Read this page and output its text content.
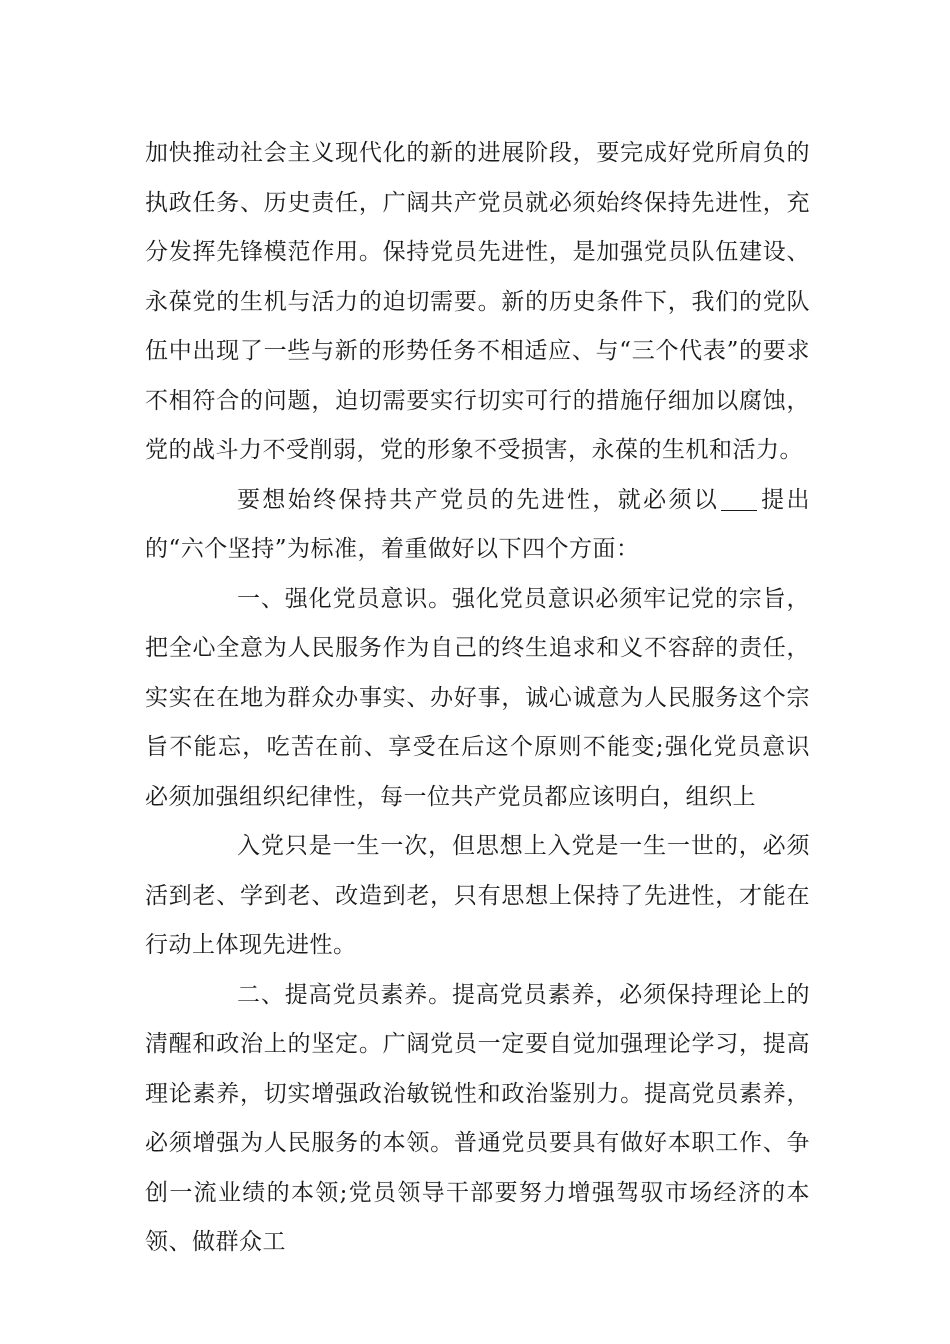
加快推动社会主义现代化的新的进展阶段，要完成好党所肩负的执政任务、历史责任，广阔共产党员就必须始终保持先进性，充分发挥先锋模范作用。保持党员先进性，是加强党员队伍建设、永葆党的生机与活力的迫切需要。新的历史条件下，我们的党队伍中出现了一些与新的形势任务不相适应、与“三个代表”的要求不相符合的问题，迫切需要实行切实可行的措施仔细加以腐蚀，党的战斗力不受削弱，党的形象不受损害，永葆的生机和活力。

要想始终保持共产党员的先进性，就必须以 提出的“六个坚持”为标准，着重做好以下四个方面：

一、强化党员意识。强化党员意识必须牢记党的宗旨，把全心全意为人民服务作为自己的终生追求和义不容辞的责任，实实在在地为群众办事实、办好事，诚心诚意为人民服务这个宗旨不能忘，吃苦在前、享受在后这个原则不能变;强化党员意识必须加强组织纪律性，每一位共产党员都应该明白，组织上

入党只是一生一次，但思想上入党是一生一世的，必须活到老、学到老、改造到老，只有思想上保持了先进性，才能在行动上体现先进性。

二、提高党员素养。提高党员素养，必须保持理论上的清醒和政治上的坚定。广阔党员一定要自觉加强理论学习，提高理论素养，切实增强政治敏锐性和政治鉴别力。提高党员素养，必须增强为人民服务的本领。普通党员要具有做好本职工作、争创一流业绩的本领;党员领导干部要努力增强驾驭市场经济的本领、做群众工
